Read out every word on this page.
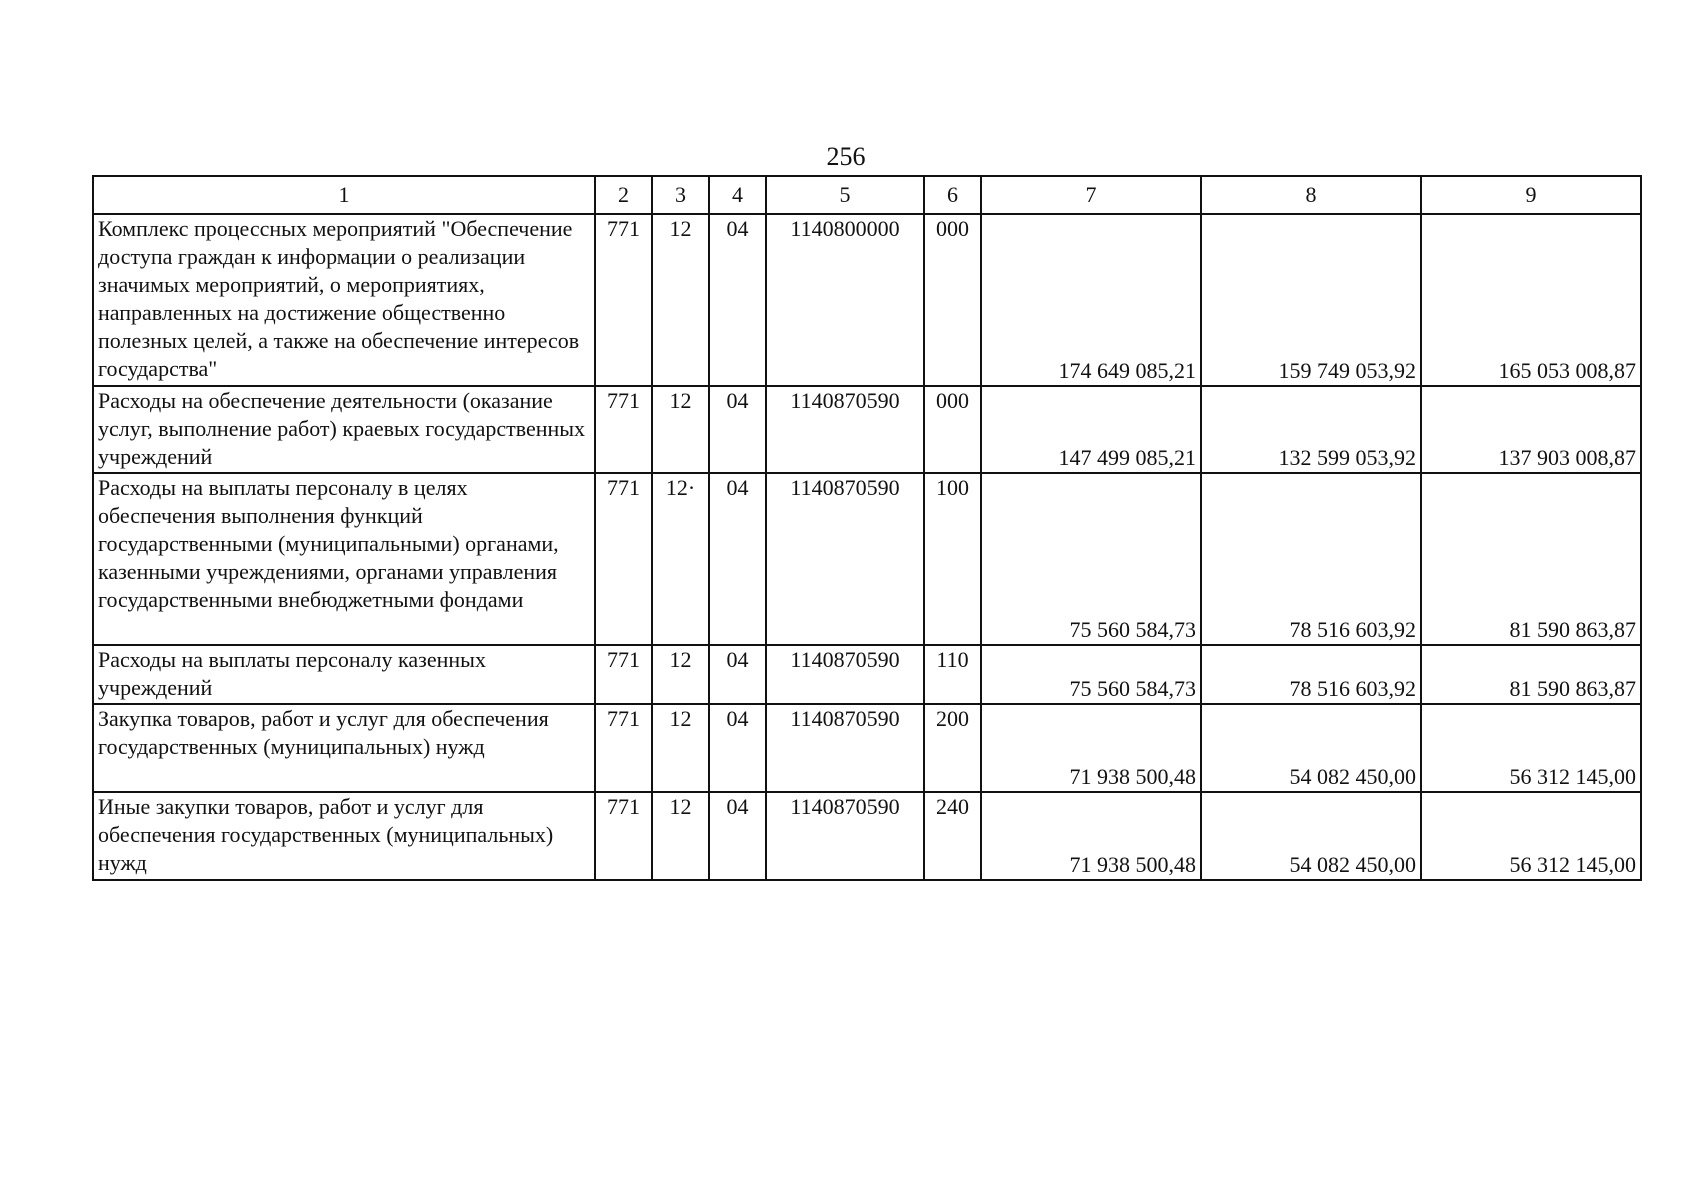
256
1	2	3	4	5	6	7	8	9
Комплекс процессных мероприятий "Обеспечение доступа граждан к информации о реализации значимых мероприятий, о мероприятиях, направленных на достижение общественно полезных целей, а также на обеспечение интересов государства"	771	12	04	1140800000	000	174 649 085,21	159 749 053,92	165 053 008,87
Расходы на обеспечение деятельности (оказание услуг, выполнение работ) краевых государственных учреждений	771	12	04	1140870590	000	147 499 085,21	132 599 053,92	137 903 008,87
Расходы на выплаты персоналу в целях обеспечения выполнения функций государственными (муниципальными) органами, казенными учреждениями, органами управления государственными внебюджетными фондами	771	12·	04	1140870590	100	75 560 584,73	78 516 603,92	81 590 863,87
Расходы на выплаты персоналу казенных учреждений	771	12	04	1140870590	110	75 560 584,73	78 516 603,92	81 590 863,87
Закупка товаров, работ и услуг для обеспечения государственных (муниципальных) нужд	771	12	04	1140870590	200	71 938 500,48	54 082 450,00	56 312 145,00
Иные закупки товаров, работ и услуг для обеспечения государственных (муниципальных) нужд	771	12	04	1140870590	240	71 938 500,48	54 082 450,00	56 312 145,00
